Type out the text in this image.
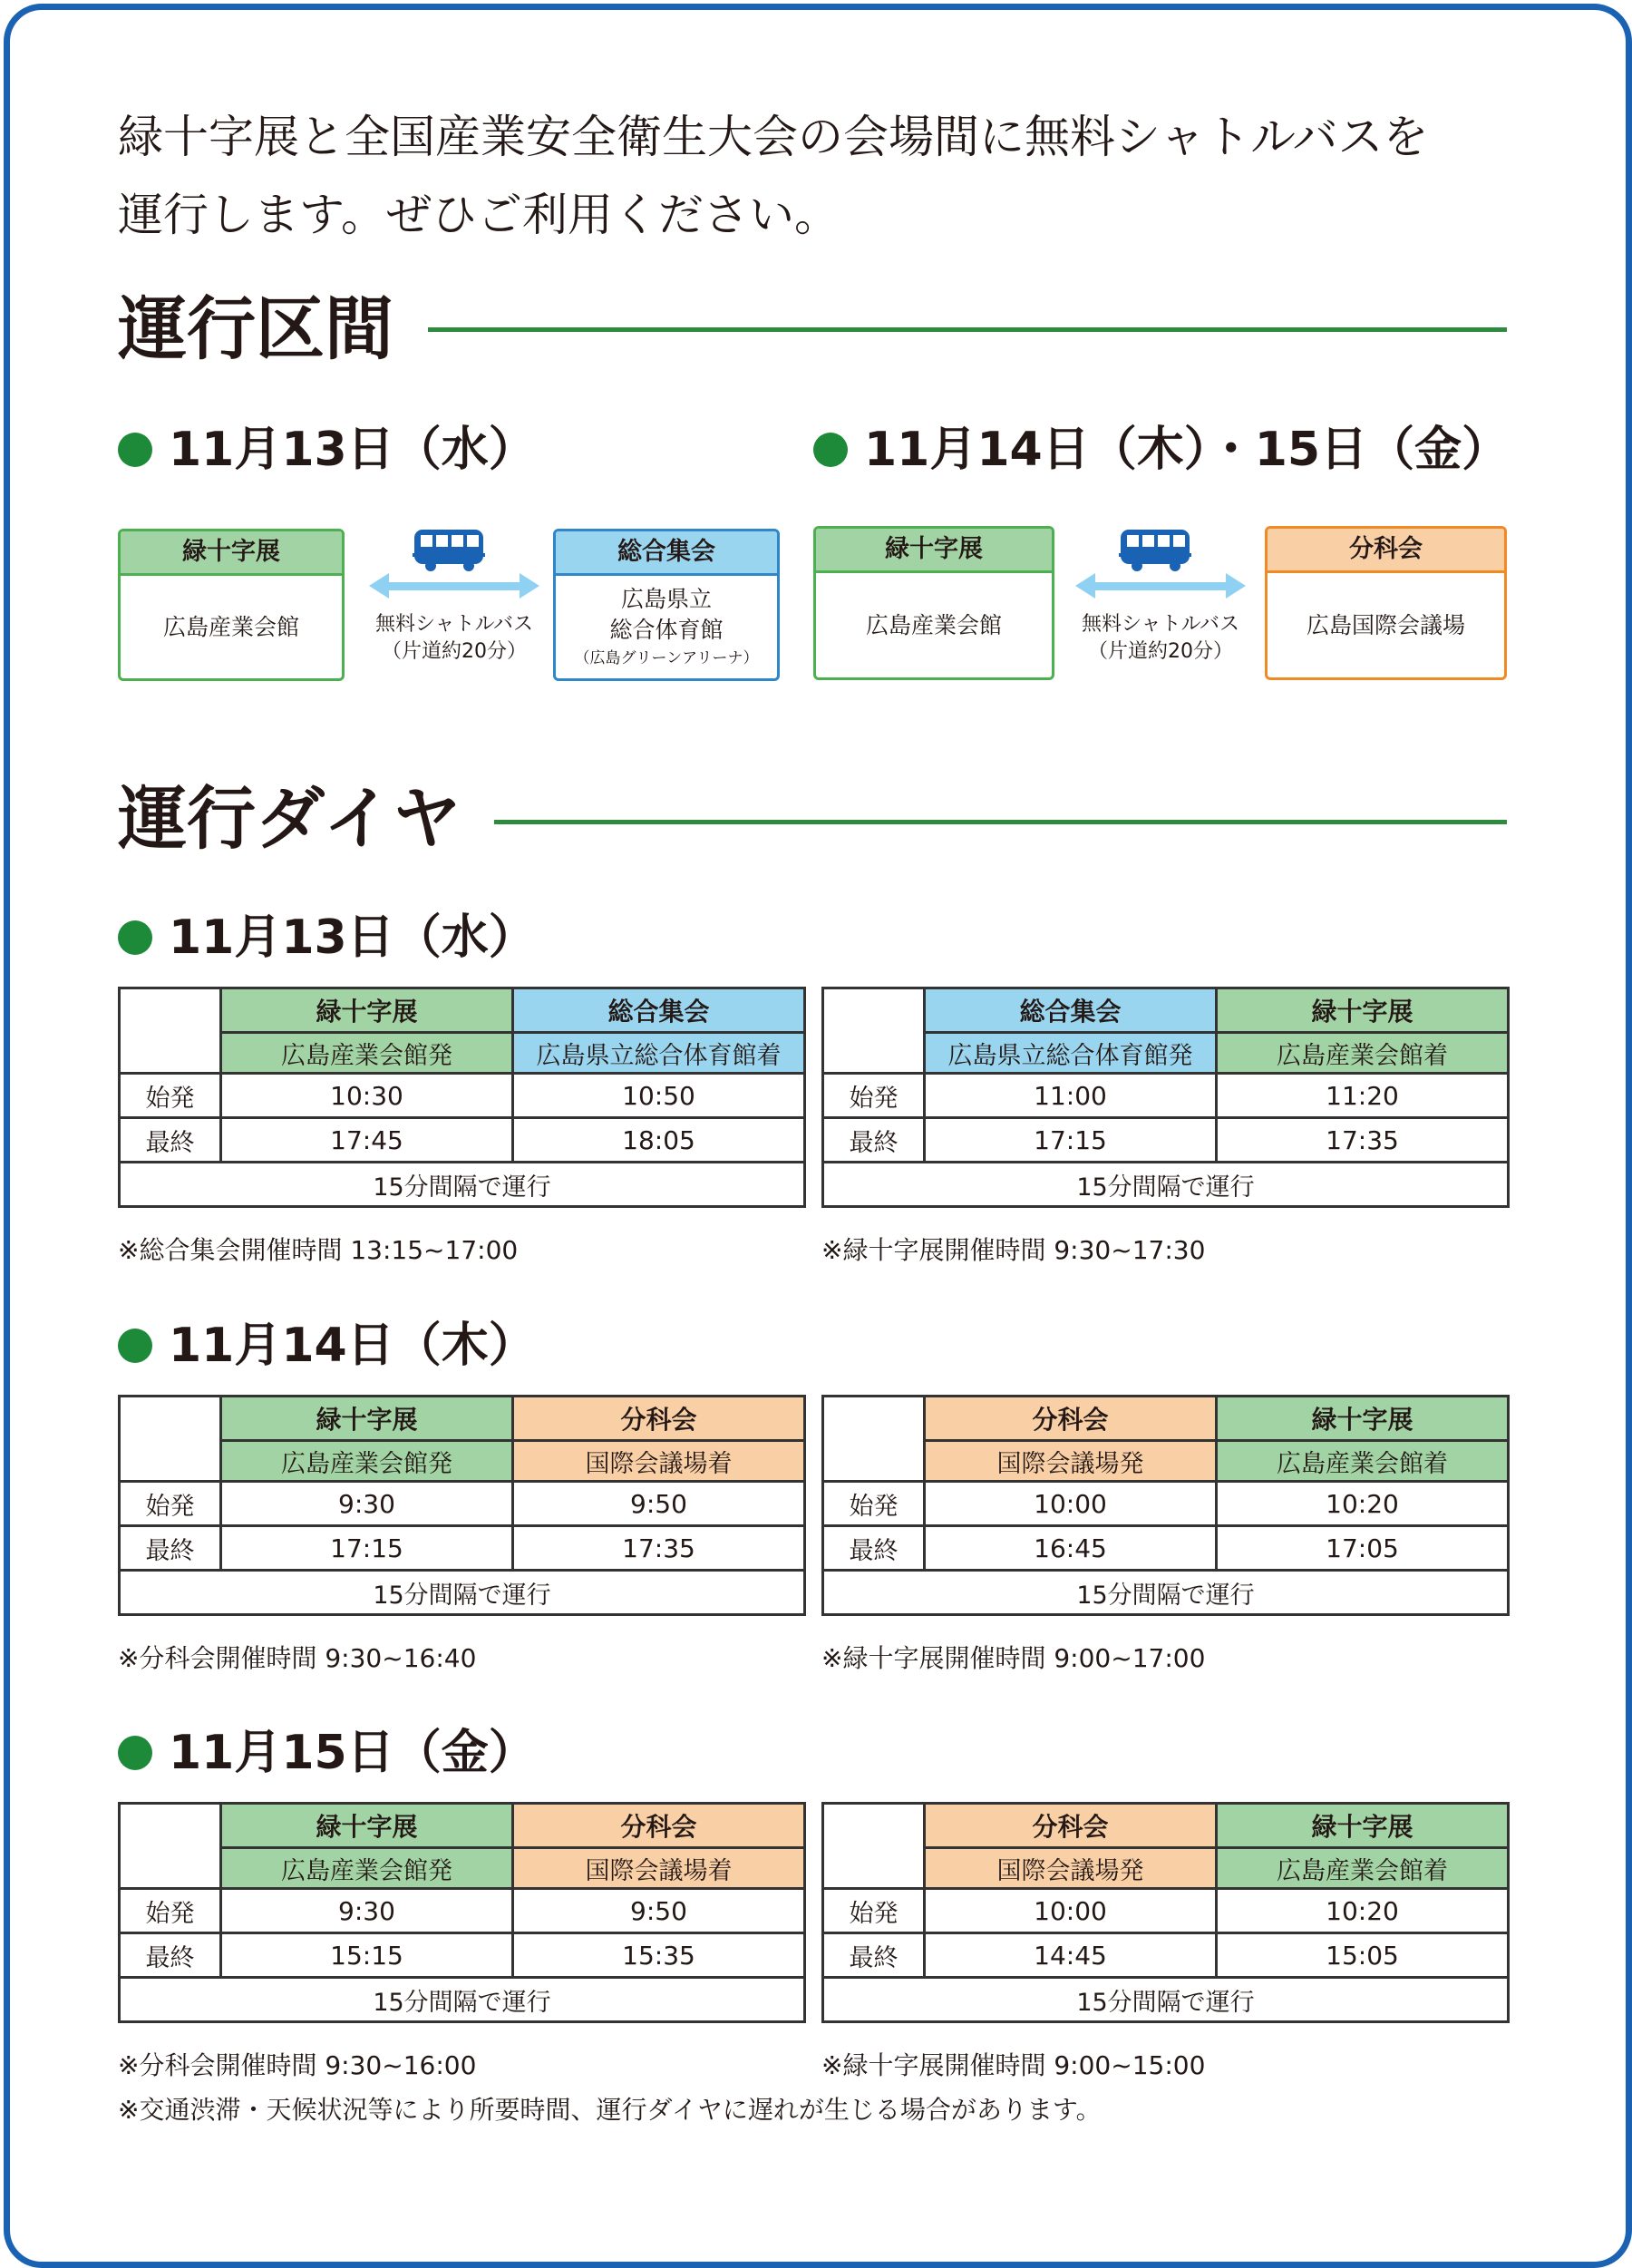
緑十字展と全国産業安全衛生大会の会場間に無料シャトルバスを
運行します。ぜひご利用ください。
運行区間
11月13日（水）	11月14日（木）・15日（金）
緑十字展
広島産業会館	無料シャトルバス
（片道約20分）
総合集会
広島県立
総合体育館
（広島グリーンアリーナ）
緑十字展
広島産業会館	無料シャトルバス
（片道約20分）
分科会
広島国際会議場
運行ダイヤ
11月13日（水）
	緑十字展	総合集会
	広島産業会館発	広島県立総合体育館着
始発	10:30	10:50
最終	17:45	18:05
15分間隔で運行		
※総合集会開催時間 13:15~17:00
	総合集会	緑十字展
	広島県立総合体育館発	広島産業会館着
始発	11:00	11:20
最終	17:15	17:35
15分間隔で運行		
※緑十字展開催時間 9:30~17:30
11月14日（木）
	緑十字展	分科会
	広島産業会館発	国際会議場着
始発	9:30	9:50
最終	17:15	17:35
15分間隔で運行		
※分科会開催時間 9:30~16:40
	分科会	緑十字展
	国際会議場発	広島産業会館着
始発	10:00	10:20
最終	16:45	17:05
15分間隔で運行		
※緑十字展開催時間 9:00~17:00
11月15日（金）
	緑十字展	分科会
	広島産業会館発	国際会議場着
始発	9:30	9:50
最終	15:15	15:35
15分間隔で運行		
※分科会開催時間 9:30~16:00
	分科会	緑十字展
	国際会議場発	広島産業会館着
始発	10:00	10:20
最終	14:45	15:05
15分間隔で運行		
※緑十字展開催時間 9:00~15:00
※交通渋滞・天候状況等により所要時間、運行ダイヤに遅れが生じる場合があります。
